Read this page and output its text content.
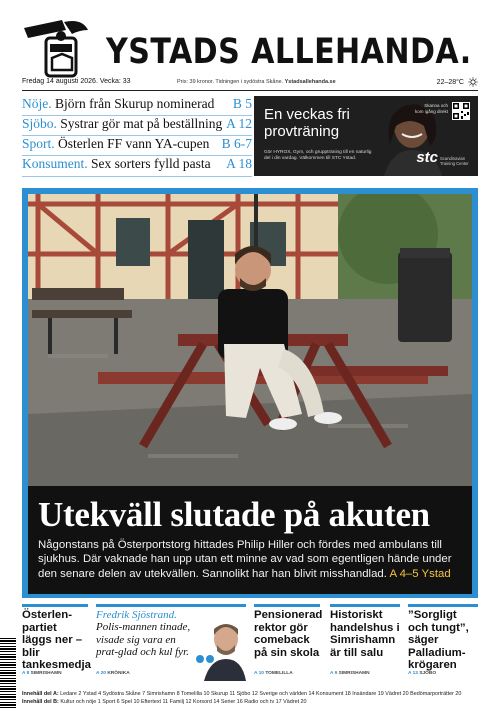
YSTADS ALLEHANDA.
Fredag 14 augusti 2026. Vecka: 33	Pris: 39 kronor. Tidningen i sydöstra Skåne. Ystadsallehanda.se	22–28°C
Nöje. Björn från Skurup nominerad B 5
Sjöbo. Systrar gör mat på beställning A 12
Sport. Österlen FF vann YA-cupen B 6-7
Konsument. Sex sorters fylld pasta A 18
En veckas fri
provträning
Gör HYROX, Gym, och gruppträning till en naturlig del i din vardag. Välkommen till STC Ystad.
Skanna och
kom igång direkt
stc Scandinavian Training Center
Utekväll slutade på akuten

Någonstans på Österportstorg hittades Philip Hiller och fördes med ambulans till sjukhus. Där vaknade han upp utan ett minne av vad som egentligen hände under den senare delen av utekvällen. Sannolikt har han blivit misshandlad. A 4–5 Ystad

Österlen-partiet läggs ner – blir tankesmedja
A 8 SIMRISHAMN
Fredrik Sjöstrand. Polis-mannen tinade, visade sig vara en prat-glad och kul fyr.
A 20 KRÖNIKA
Pensionerad rektor gör comeback på sin skola
A 10 TOMELILLA
Historiskt handelshus i Simrishamn är till salu
A 9 SIMRISHAMN
”Sorgligt och tungt”, säger Palladium-krögaren
A 13 SJÖBO
Innehåll del A: Ledare 2 Ystad 4 Sydöstra Skåne 7 Simrishamn 8 Tomelilla 10 Skurup 11 Sjöbo 12 Sverige och världen 14 Konsument 18 Insändare 19 Vädret 20 Bedömarporträtter 20
Innehåll del B: Kultur och nöje 1 Sport 6 Spel 10 Eftertext 11 Familj 12 Korsord 14 Serier 16 Radio och tv 17 Vädret 20
